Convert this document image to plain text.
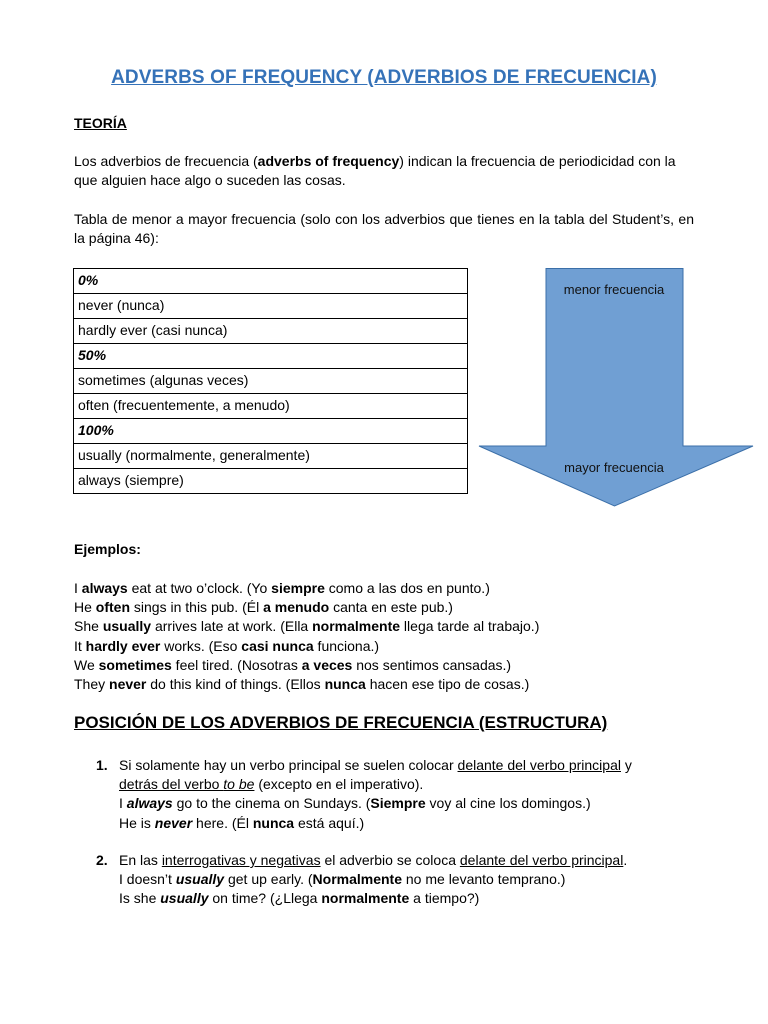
ADVERBS OF FREQUENCY (ADVERBIOS DE FRECUENCIA)
TEORÍA
Los adverbios de frecuencia (adverbs of frequency) indican la frecuencia de periodicidad con la que alguien hace algo o suceden las cosas.
Tabla de menor a mayor frecuencia (solo con los adverbios que tienes en la tabla del Student’s, en la página 46):
0%
never (nunca)
hardly ever (casi nunca)
50%
sometimes (algunas veces)
often (frecuentemente, a menudo)
100%
usually (normalmente, generalmente)
always (siempre)
menor frecuencia
mayor frecuencia
Ejemplos:
I always eat at two o’clock. (Yo siempre como a las dos en punto.)
He often sings in this pub. (Él a menudo canta en este pub.)
She usually arrives late at work. (Ella normalmente llega tarde al trabajo.)
It hardly ever works. (Eso casi nunca funciona.)
We sometimes feel tired. (Nosotras a veces nos sentimos cansadas.)
They never do this kind of things. (Ellos nunca hacen ese tipo de cosas.)
POSICIÓN DE LOS ADVERBIOS DE FRECUENCIA (ESTRUCTURA)
1. Si solamente hay un verbo principal se suelen colocar delante del verbo principal y
detrás del verbo to be (excepto en el imperativo).
I always go to the cinema on Sundays. (Siempre voy al cine los domingos.)
He is never here. (Él nunca está aquí.)
2. En las interrogativas y negativas el adverbio se coloca delante del verbo principal.
I doesn’t usually get up early. (Normalmente no me levanto temprano.)
Is she usually on time? (¿Llega normalmente a tiempo?)
